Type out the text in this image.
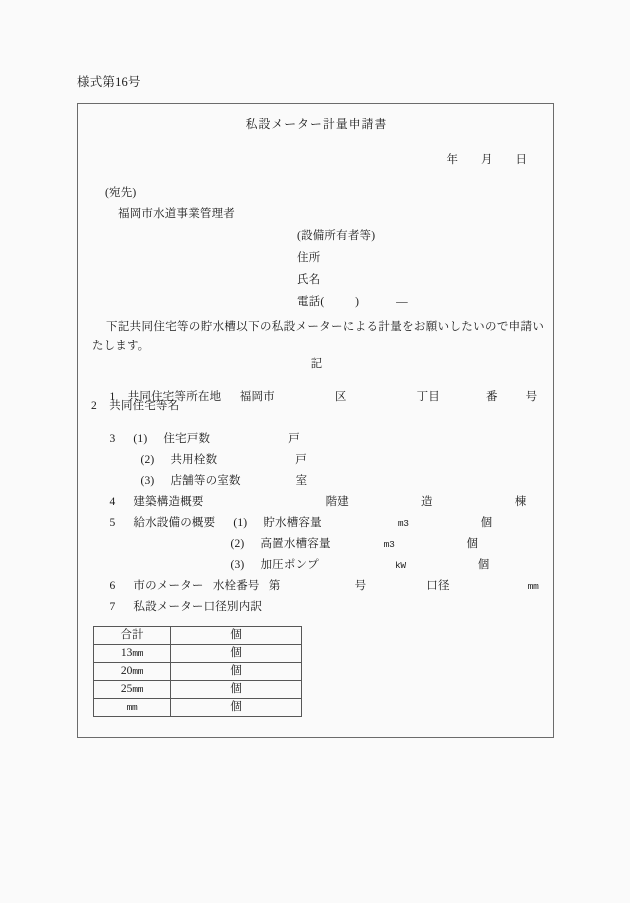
様式第16号
私設メーター計量申請書
年        月        日
(宛先)
福岡市水道事業管理者
(設備所有者等)
住所
氏名
電話(          )            —
下記共同住宅等の貯水槽以下の私設メーターによる計量をお願いしたいので申請いたします。
記

1    共同住宅等所在地      福岡市	区	丁目	番 号

2    共同住宅等名

3 (1) 住宅戸数	戸

(2) 共用栓数	戸

(3) 店舗等の室数	室

4 建築構造概要	階建	造	棟

5 給水設備の概要 (1) 貯水槽容量	m3	個

(2) 高置水槽容量	m3	個

(3) 加圧ポンプ	kW	個

6 市のメーター   水栓番号   第	号	口径	mm

7 私設メーター口径別内訳

合計	個
13mm	個
20mm	個
25mm	個
mm	個
